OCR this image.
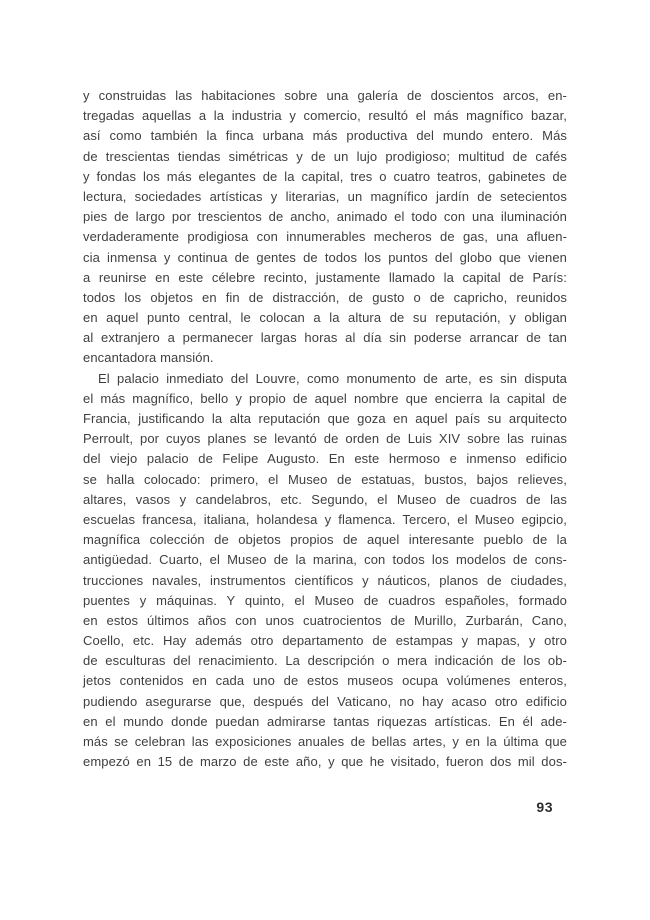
y construidas las habitaciones sobre una galería de doscientos arcos, en-
tregadas aquellas a la industria y comercio, resultó el más magnífico bazar,
así como también la finca urbana más productiva del mundo entero. Más
de trescientas tiendas simétricas y de un lujo prodigioso; multitud de cafés
y fondas los más elegantes de la capital, tres o cuatro teatros, gabinetes de
lectura, sociedades artísticas y literarias, un magnífico jardín de setecientos
pies de largo por trescientos de ancho, animado el todo con una iluminación
verdaderamente prodigiosa con innumerables mecheros de gas, una afluen-
cia inmensa y continua de gentes de todos los puntos del globo que vienen
a reunirse en este célebre recinto, justamente llamado la capital de París:
todos los objetos en fin de distracción, de gusto o de capricho, reunidos
en aquel punto central, le colocan a la altura de su reputación, y obligan
al extranjero a permanecer largas horas al día sin poderse arrancar de tan
encantadora mansión.
El palacio inmediato del Louvre, como monumento de arte, es sin disputa
el más magnífico, bello y propio de aquel nombre que encierra la capital de
Francia, justificando la alta reputación que goza en aquel país su arquitecto
Perroult, por cuyos planes se levantó de orden de Luis XIV sobre las ruinas
del viejo palacio de Felipe Augusto. En este hermoso e inmenso edificio
se halla colocado: primero, el Museo de estatuas, bustos, bajos relieves,
altares, vasos y candelabros, etc. Segundo, el Museo de cuadros de las
escuelas francesa, italiana, holandesa y flamenca. Tercero, el Museo egipcio,
magnífica colección de objetos propios de aquel interesante pueblo de la
antigüedad. Cuarto, el Museo de la marina, con todos los modelos de cons-
trucciones navales, instrumentos científicos y náuticos, planos de ciudades,
puentes y máquinas. Y quinto, el Museo de cuadros españoles, formado
en estos últimos años con unos cuatrocientos de Murillo, Zurbarán, Cano,
Coello, etc. Hay además otro departamento de estampas y mapas, y otro
de esculturas del renacimiento. La descripción o mera indicación de los ob-
jetos contenidos en cada uno de estos museos ocupa volúmenes enteros,
pudiendo asegurarse que, después del Vaticano, no hay acaso otro edificio
en el mundo donde puedan admirarse tantas riquezas artísticas. En él ade-
más se celebran las exposiciones anuales de bellas artes, y en la última que
empezó en 15 de marzo de este año, y que he visitado, fueron dos mil dos-
93
